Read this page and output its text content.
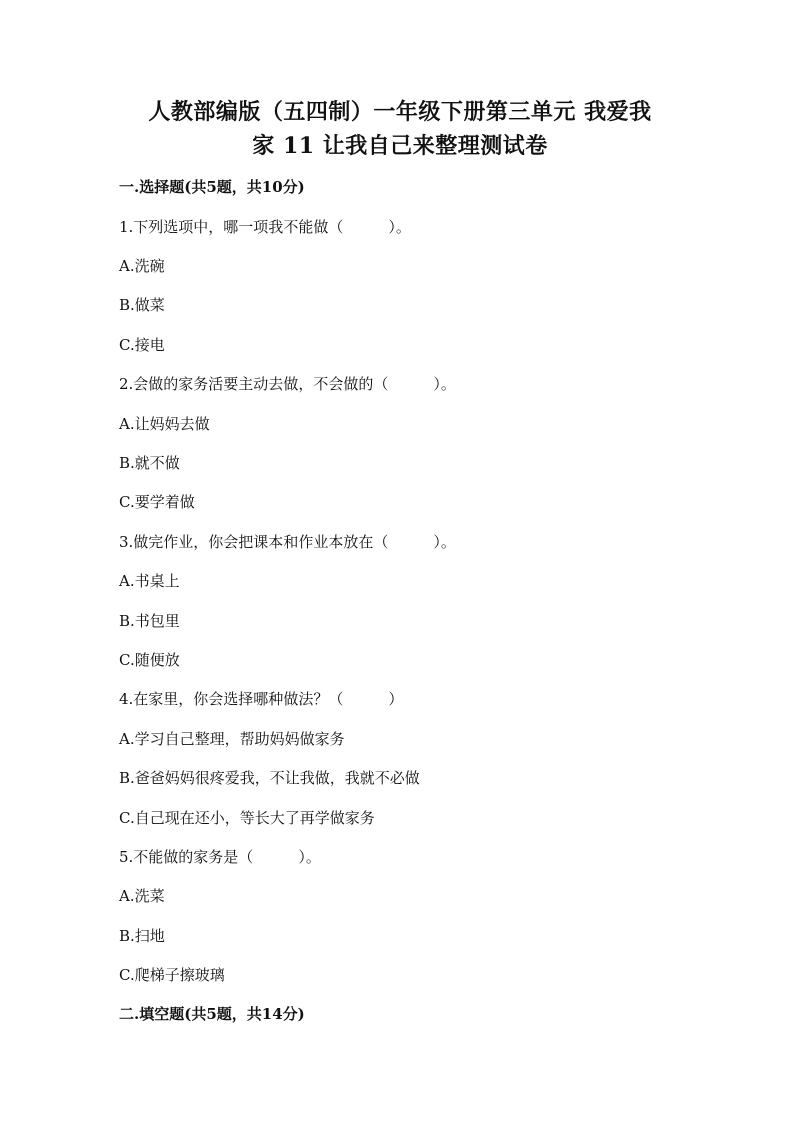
人教部编版（五四制）一年级下册第三单元 我爱我
家 11 让我自己来整理测试卷
一.选择题(共5题，共10分)
1.下列选项中，哪一项我不能做（　　　）。
A.洗碗
B.做菜
C.接电
2.会做的家务活要主动去做，不会做的（　　　）。
A.让妈妈去做
B.就不做
C.要学着做
3.做完作业，你会把课本和作业本放在（　　　）。
A.书桌上
B.书包里
C.随便放
4.在家里，你会选择哪种做法？（　　　）
A.学习自己整理，帮助妈妈做家务
B.爸爸妈妈很疼爱我，不让我做，我就不必做
C.自己现在还小，等长大了再学做家务
5.不能做的家务是（　　　）。
A.洗菜
B.扫地
C.爬梯子擦玻璃
二.填空题(共5题，共14分)
